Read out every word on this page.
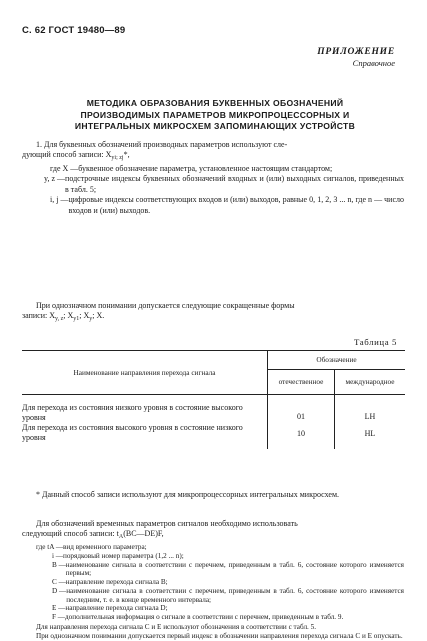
С. 62 ГОСТ 19480—89
ПРИЛОЖЕНИЕ
Справочное
МЕТОДИКА ОБРАЗОВАНИЯ БУКВЕННЫХ ОБОЗНАЧЕНИЙ
ПРОИЗВОДИМЫХ ПАРАМЕТРОВ МИКРОПРОЦЕССОРНЫХ И
ИНТЕГРАЛЬНЫХ МИКРОСХЕМ ЗАПОМИНАЮЩИХ УСТРОЙСТВ
1. Для буквенных обозначений производных параметров используют сле-
дующий способ записи: $X_{yi; zj}*$,
где X — буквенное обозначение параметра, установленное настоящим стандартом;
y, z — подстрочные индексы буквенных обозначений входных и (или) выходных сигналов, приведенных в табл. 5;
i, j — цифровые индексы соответствующих входов и (или) выходов, равные 0, 1, 2, 3 ... n, где n — число входов и (или) выходов.
При однозначном понимании допускается следующие сокращенные формы
записи: $X_{y, z}$; $X_{y1}$; $X_y$; X.
Таблица 5
Наименование направления перехода сигнала	Обозначение	
	отечественное	международное
Для перехода из состояния низкого уровня в состояние высокого уровня	01	LH
Для перехода из состояния высокого уровня в состояние низкого уровня	10	HL
* Данный способ записи используют для микропроцессорных интегральных микросхем.
Для обозначений временных параметров сигналов необходимо использовать
следующий способ записи: $t_A(BC—DE)F$,
где tA — вид временного параметра;
i — порядковый номер параметра (1,2 ... n);
B — наименование сигнала в соответствии с перечнем, приведенным в табл. 6, состояние которого изменяется первым;
C — направление перехода сигнала B;
D — наименование сигнала в соответствии с перечнем, приведенным в табл. 6, состояние которого изменяется последним, т. е. в конце временного интервала;
E — направление перехода сигнала D;
F — дополнительная информация о сигнале в соответствии с перечнем, приведенным в табл. 9.
Для направления перехода сигнала C и E используют обозначения в соответствии с табл. 5.
При однозначном понимании допускается первый индекс в обозначении направления перехода сигнала C и E опускать.
